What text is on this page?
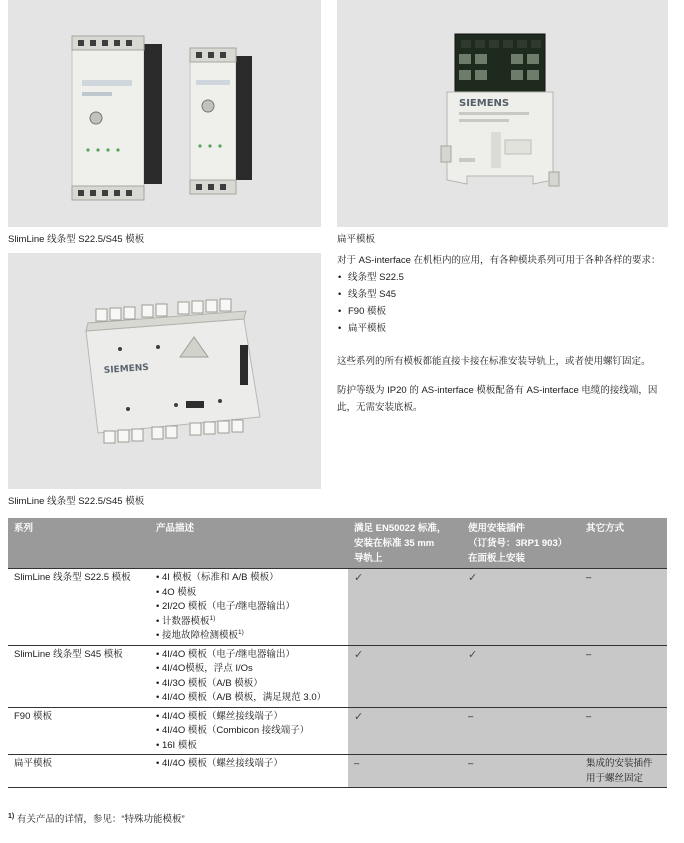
SlimLine 线条型 S22.5/S45 模板
SIEMENS
扁平模板
SIEMENS
SlimLine 线条型 S22.5/S45 模板

对于 AS-interface 在机柜内的应用，有各种模块系列可用于各种各样的要求：

• 线条型 S22.5
• 线条型 S45
• F90 模板
• 扁平模板

这些系列的所有模板都能直接卡接在标准安装导轨上，或者使用螺钉固定。

防护等级为 IP20 的 AS-interface 模板配备有 AS-interface 电缆的接线端，因此，无需安装底板。

系列	产品描述	满足 EN50022 标准，
安装在标准 35 mm
导轨上	使用安装插件
（订货号：3RP1 903）
在面板上安装	其它方式
SlimLine 线条型 S22.5 模板	• 4I 模板（标准和 A/B 模板）
• 4O 模板
• 2I/2O 模板（电子/继电器输出）
• 计数器模板$^{1)}$
• 接地故障检测模板$^{1)}$	✓	✓	–
SlimLine 线条型 S45 模板	• 4I/4O 模板（电子/继电器输出）
• 4I/4O模板，浮点 I/Os
• 4I/3O 模板（A/B 模板）
• 4I/4O 模板（A/B 模板，满足规范 3.0）	✓	✓	–
F90 模板	• 4I/4O 模板（螺丝接线端子）
• 4I/4O 模板（Combicon 接线端子）
• 16I 模板	✓	–	–
扁平模板	• 4I/4O 模板（螺丝接线端子）	–	–	集成的安装插件
用于螺丝固定
$^{1)}$ 有关产品的详情，参见：“特殊功能模板”
